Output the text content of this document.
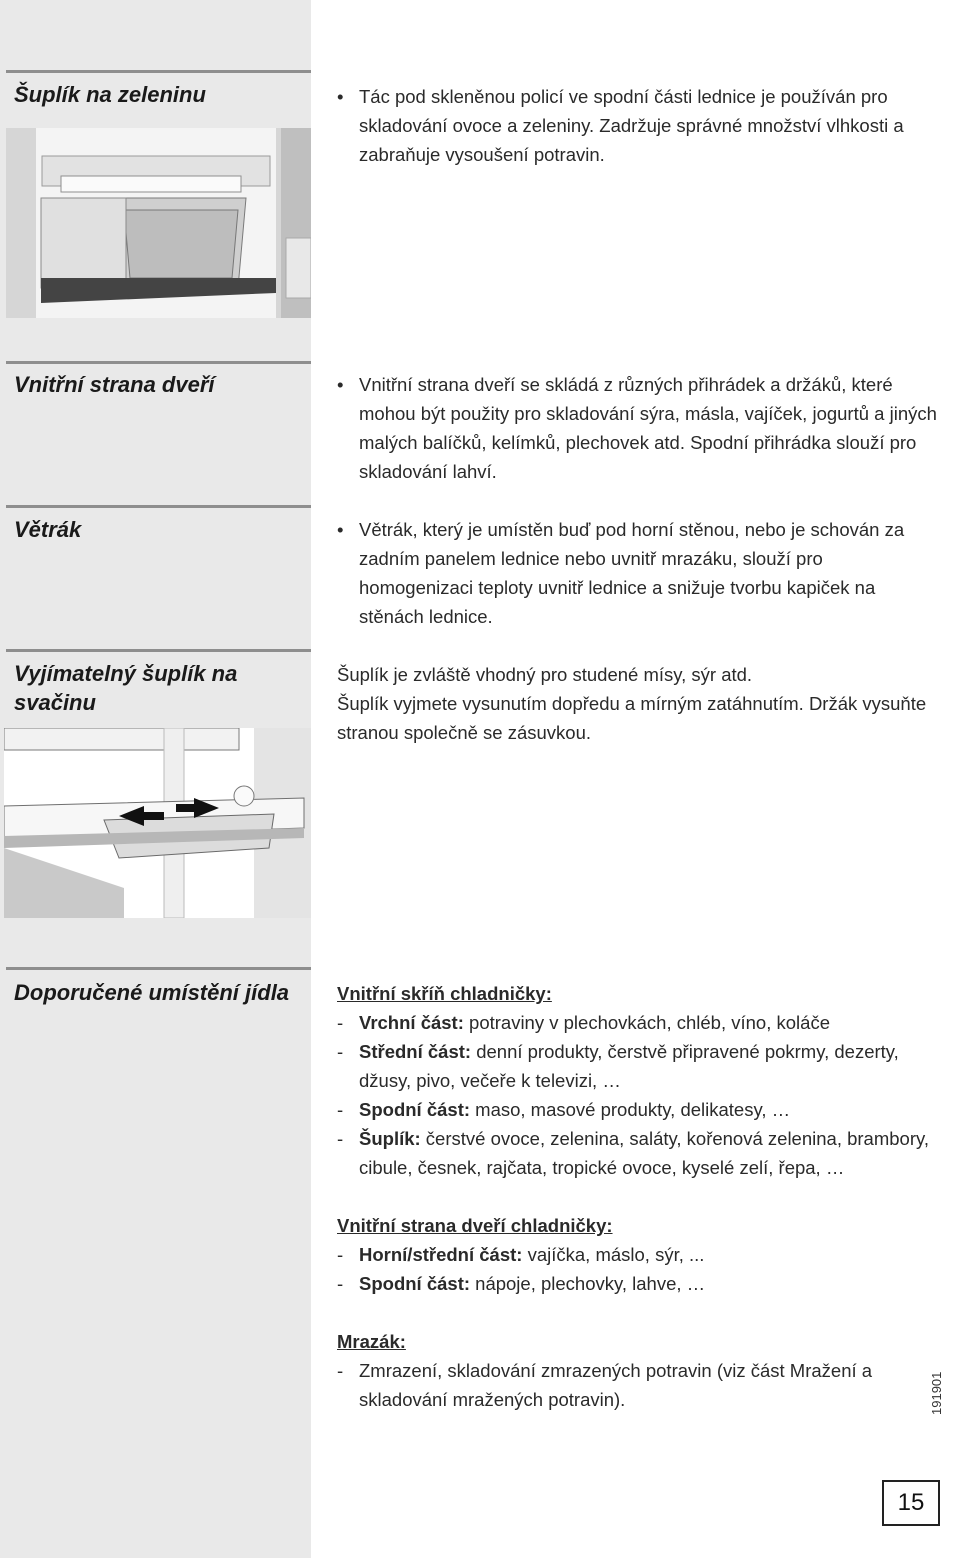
Šuplík na zeleninu	• Tác pod skleněnou policí ve spodní části lednice je používán pro skladování ovoce a zeleniny. Zadržuje správné množství vlhkosti a zabraňuje vysoušení potravin.
Vnitřní strana dveří	• Vnitřní strana dveří se skládá z různých přihrádek a držáků, které mohou být použity pro skladování sýra, másla, vajíček, jogurtů a jiných malých balíčků, kelímků, plechovek atd. Spodní přihrádka slouží pro skladování lahví.
Větrák	• Větrák, který je umístěn buď pod horní stěnou, nebo je schován za zadním panelem lednice nebo uvnitř mrazáku, slouží pro homogenizaci teploty uvnitř lednice a snižuje tvorbu kapiček na stěnách lednice.
Vyjímatelný šuplík na svačinu
Šuplík je zvláště vhodný pro studené mísy, sýr atd.
Šuplík vyjmete vysunutím dopředu a mírným zatáhnutím. Držák vysuňte stranou společně se zásuvkou.
Doporučené umístění jídla	Vnitřní skříň chladničky:
- Vrchní část: potraviny v plechovkách, chléb, víno, koláče
- Střední část: denní produkty, čerstvě připravené pokrmy, dezerty, džusy, pivo, večeře k televizi, …
- Spodní část: maso, masové produkty, delikatesy, …
- Šuplík: čerstvé ovoce, zelenina, saláty, kořenová zelenina, brambory, cibule, česnek, rajčata, tropické ovoce, kyselé zelí, řepa, …
Vnitřní strana dveří chladničky:
- Horní/střední část: vajíčka, máslo, sýr, ...
- Spodní část: nápoje, plechovky, lahve, …
Mrazák:
- Zmrazení, skladování zmrazených potravin (viz část Mražení a skladování mražených potravin).	191901
15
